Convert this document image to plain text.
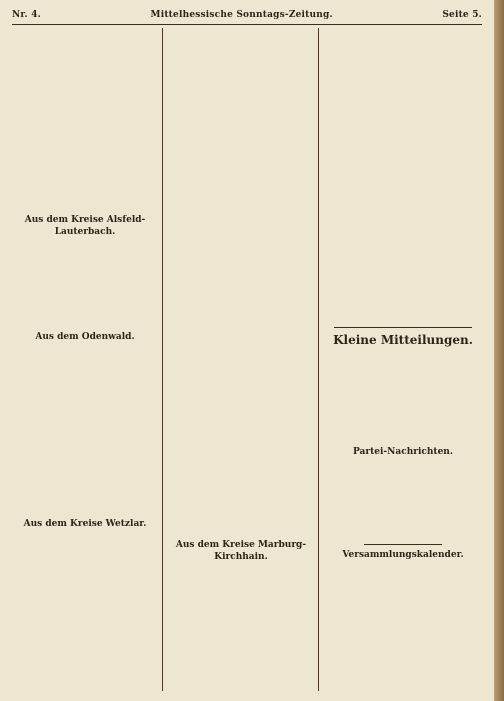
Nr. 4.	Mittelhessische Sonntags-Zeitung.	Seite 5.
Aus dem Kreise Alsfeld-Lauterbach.
Aus dem Odenwald.
Aus dem Kreise Wetzlar.
Aus dem Kreise Marburg-Kirchhain.
Kleine Mitteilungen.
Partei-Nachrichten.
Versammlungskalender.
